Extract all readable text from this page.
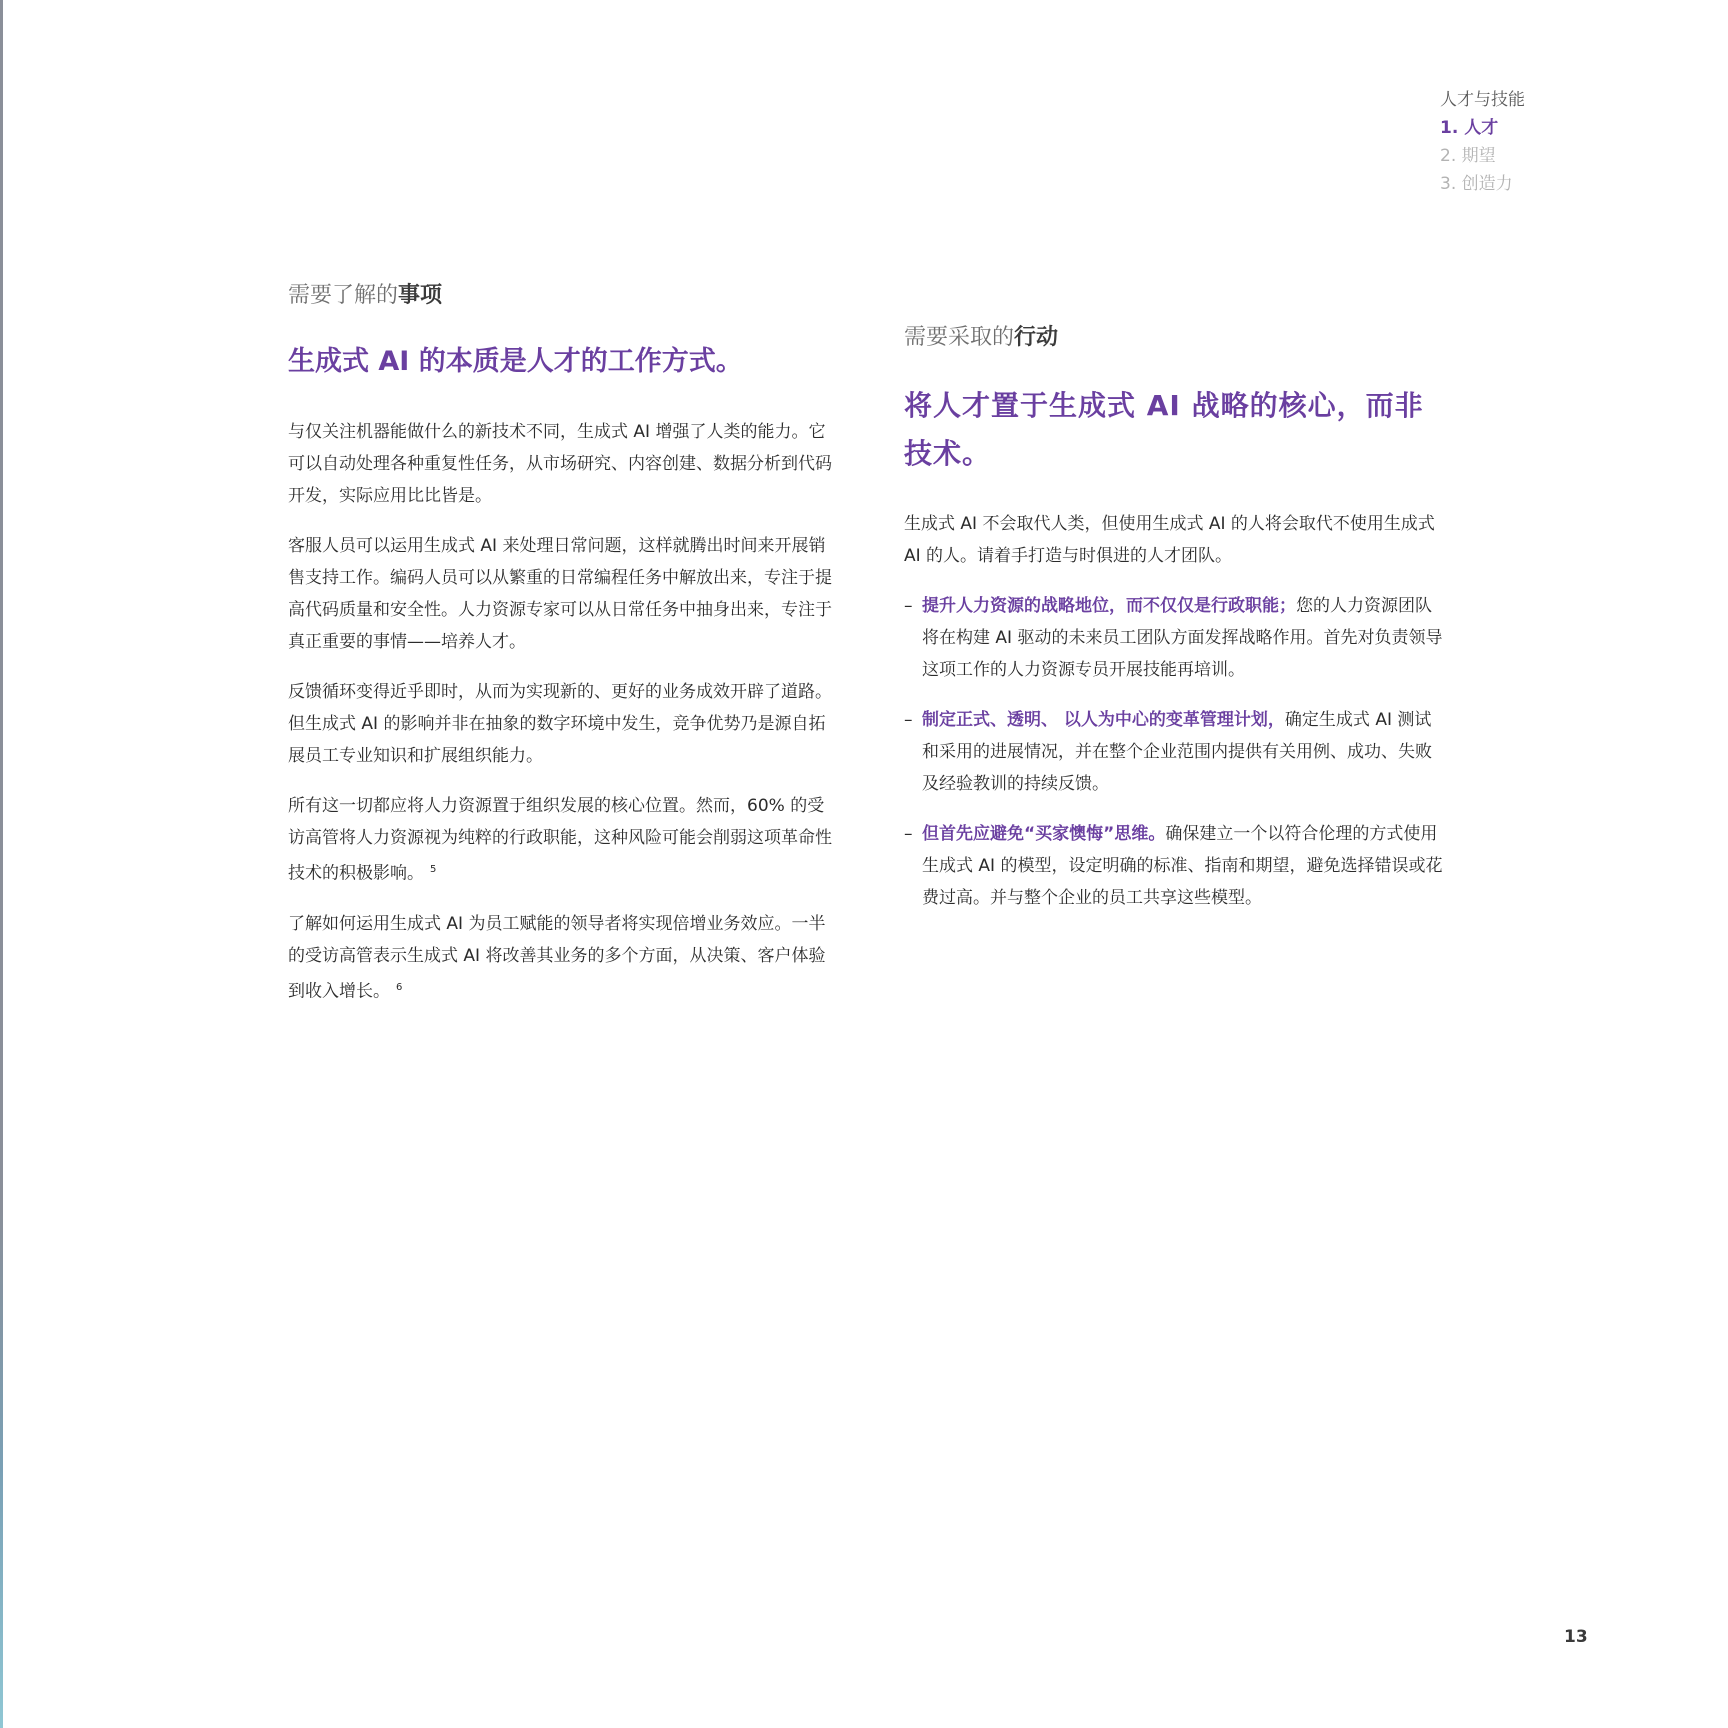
人才与技能
1. 人才
2. 期望
3. 创造力

需要了解的事项

生成式 AI 的本质是人才的工作方式。

与仅关注机器能做什么的新技术不同，生成式 AI 增强了人类的能力。它可以自动处理各种重复性任务，从市场研究、内容创建、数据分析到代码开发，实际应用比比皆是。

客服人员可以运用生成式 AI 来处理日常问题，这样就腾出时间来开展销售支持工作。编码人员可以从繁重的日常编程任务中解放出来，专注于提高代码质量和安全性。人力资源专家可以从日常任务中抽身出来，专注于真正重要的事情——培养人才。

反馈循环变得近乎即时，从而为实现新的、更好的业务成效开辟了道路。但生成式 AI 的影响并非在抽象的数字环境中发生，竞争优势乃是源自拓展员工专业知识和扩展组织能力。

所有这一切都应将人力资源置于组织发展的核心位置。然而，60% 的受访高管将人力资源视为纯粹的行政职能，这种风险可能会削弱这项革命性技术的积极影响。 $^5$

了解如何运用生成式 AI 为员工赋能的领导者将实现倍增业务效应。一半的受访高管表示生成式 AI 将改善其业务的多个方面，从决策、客户体验到收入增长。 $^6$

需要采取的行动

将人才置于生成式 AI 战略的核心，而非技术。

生成式 AI 不会取代人类，但使用生成式 AI 的人将会取代不使用生成式 AI 的人。请着手打造与时俱进的人才团队。

– 提升人力资源的战略地位，而不仅仅是行政职能；您的人力资源团队将在构建 AI 驱动的未来员工团队方面发挥战略作用。首先对负责领导这项工作的人力资源专员开展技能再培训。
– 制定正式、透明、 以人为中心的变革管理计划，确定生成式 AI 测试和采用的进展情况，并在整个企业范围内提供有关用例、成功、失败及经验教训的持续反馈。
– 但首先应避免“买家懊悔”思维。确保建立一个以符合伦理的方式使用生成式 AI 的模型，设定明确的标准、指南和期望，避免选择错误或花费过高。并与整个企业的员工共享这些模型。
13
